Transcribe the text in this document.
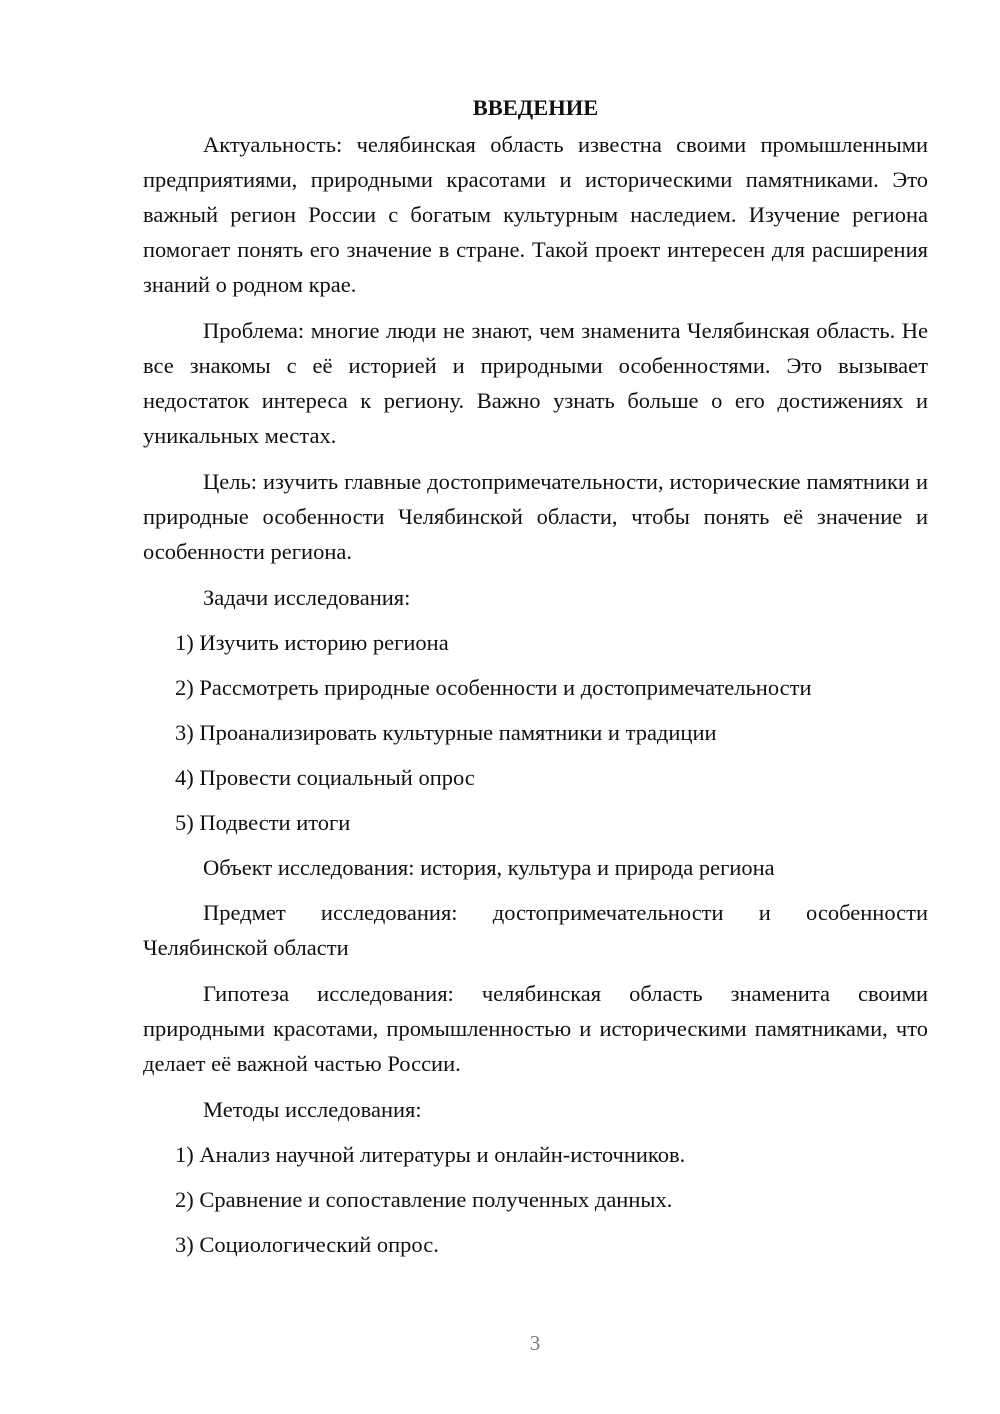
ВВЕДЕНИЕ

Актуальность: челябинская область известна своими промышленными предприятиями, природными красотами и историческими памятниками. Это важный регион России с богатым культурным наследием. Изучение региона помогает понять его значение в стране. Такой проект интересен для расширения знаний о родном крае.

Проблема: многие люди не знают, чем знаменита Челябинская область. Не все знакомы с её историей и природными особенностями. Это вызывает недостаток интереса к региону. Важно узнать больше о его достижениях и уникальных местах.

Цель: изучить главные достопримечательности, исторические памятники и природные особенности Челябинской области, чтобы понять её значение и особенности региона.

Задачи исследования:
1) Изучить историю региона
2) Рассмотреть природные особенности и достопримечательности
3) Проанализировать культурные памятники и традиции
4) Провести социальный опрос
5) Подвести итоги
Объект исследования: история, культура и природа региона

Предмет исследования: достопримечательности и особенности Челябинской области

Гипотеза исследования: челябинская область знаменита своими природными красотами, промышленностью и историческими памятниками, что делает её важной частью России.

Методы исследования:
1) Анализ научной литературы и онлайн-источников.
2) Сравнение и сопоставление полученных данных.
3) Социологический опрос.
3
